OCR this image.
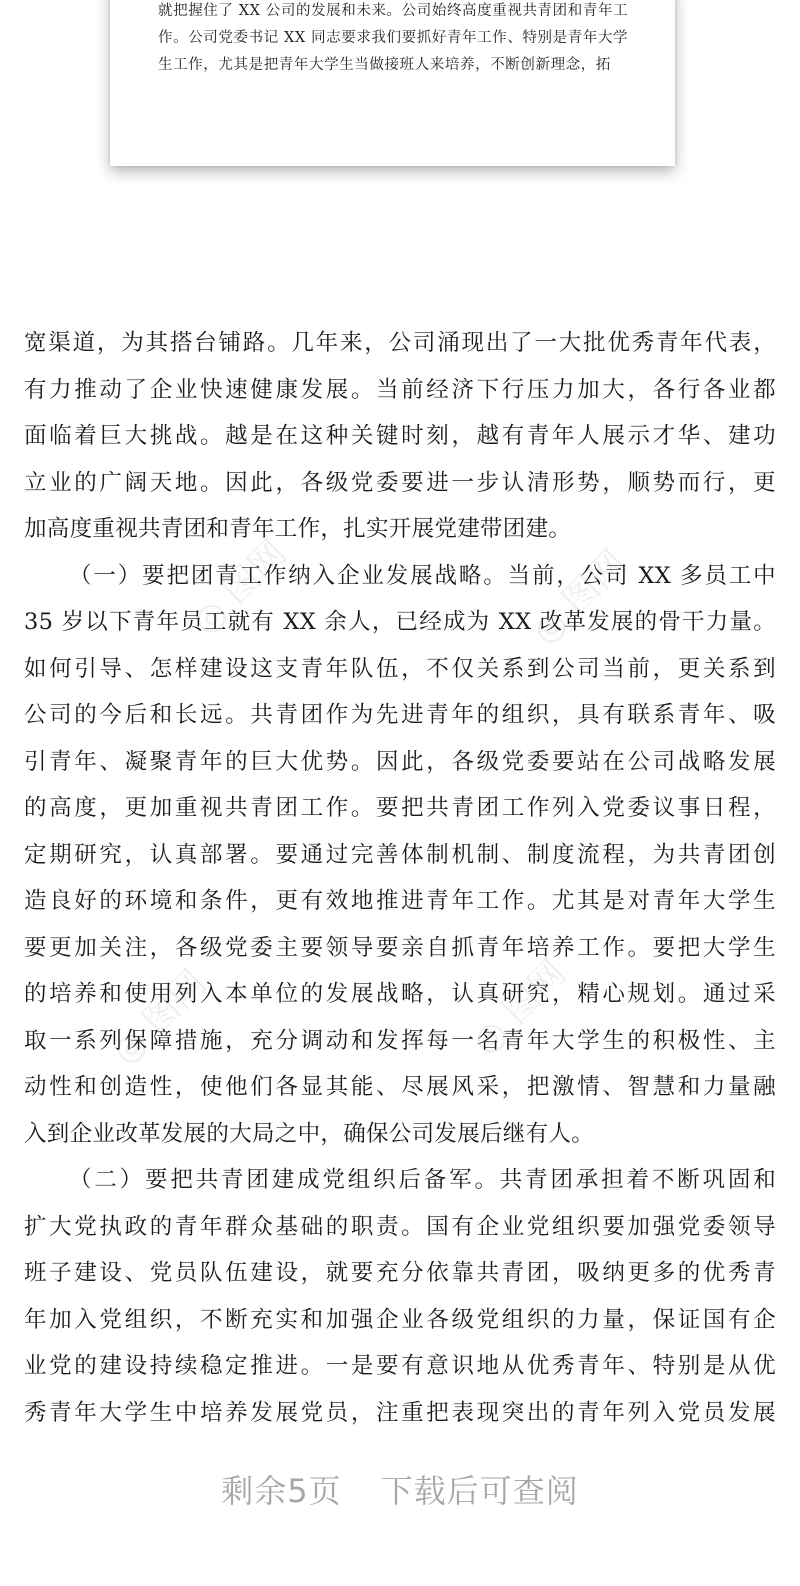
就把握住了 XX 公司的发展和未来。公司始终高度重视共青团和青年工
作。公司党委书记 XX 同志要求我们要抓好青年工作、特别是青年大学
生工作，尤其是把青年大学生当做接班人来培养，不断创新理念，拓
◎ 图网	◎ 图网
◎ 图网	◎ 图网
宽渠道，为其搭台铺路。几年来，公司涌现出了一大批优秀青年代表，
有力推动了企业快速健康发展。当前经济下行压力加大，各行各业都
面临着巨大挑战。越是在这种关键时刻，越有青年人展示才华、建功
立业的广阔天地。因此，各级党委要进一步认清形势，顺势而行，更
加高度重视共青团和青年工作，扎实开展党建带团建。
（一）要把团青工作纳入企业发展战略。当前，公司 XX 多员工中
35 岁以下青年员工就有 XX 余人，已经成为 XX 改革发展的骨干力量。
如何引导、怎样建设这支青年队伍，不仅关系到公司当前，更关系到
公司的今后和长远。共青团作为先进青年的组织，具有联系青年、吸
引青年、凝聚青年的巨大优势。因此，各级党委要站在公司战略发展
的高度，更加重视共青团工作。要把共青团工作列入党委议事日程，
定期研究，认真部署。要通过完善体制机制、制度流程，为共青团创
造良好的环境和条件，更有效地推进青年工作。尤其是对青年大学生
要更加关注，各级党委主要领导要亲自抓青年培养工作。要把大学生
的培养和使用列入本单位的发展战略，认真研究，精心规划。通过采
取一系列保障措施，充分调动和发挥每一名青年大学生的积极性、主
动性和创造性，使他们各显其能、尽展风采，把激情、智慧和力量融
入到企业改革发展的大局之中，确保公司发展后继有人。
（二）要把共青团建成党组织后备军。共青团承担着不断巩固和
扩大党执政的青年群众基础的职责。国有企业党组织要加强党委领导
班子建设、党员队伍建设，就要充分依靠共青团，吸纳更多的优秀青
年加入党组织，不断充实和加强企业各级党组织的力量，保证国有企
业党的建设持续稳定推进。一是要有意识地从优秀青年、特别是从优
秀青年大学生中培养发展党员，注重把表现突出的青年列入党员发展
剩余5页 下载后可查阅
